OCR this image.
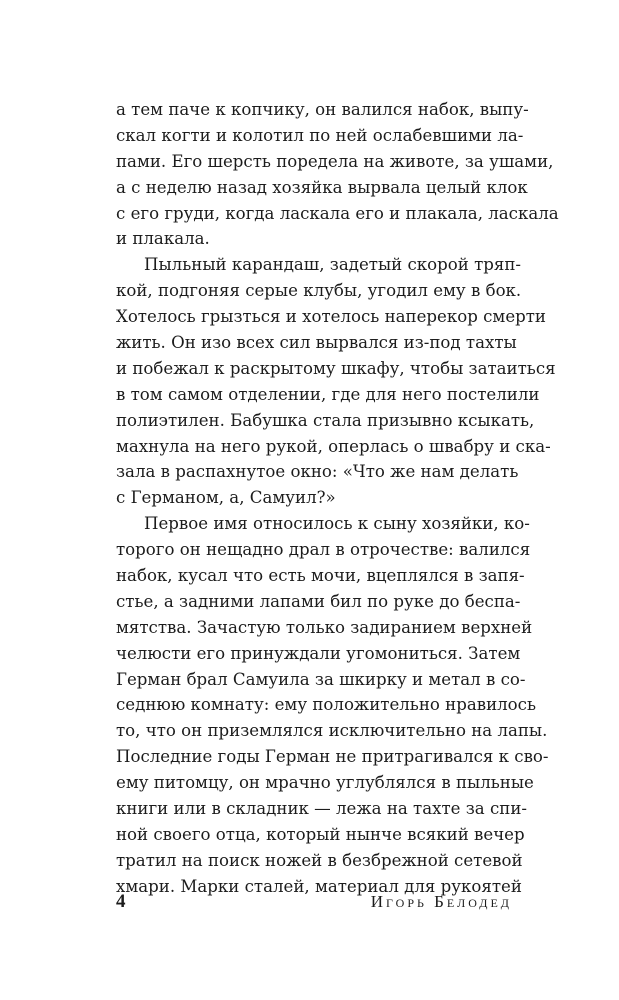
а тем паче к копчику, он валился набок, выпу-
скал когти и колотил по ней ослабевшими ла-
пами. Его шерсть поредела на животе, за ушами,
а с неделю назад хозяйка вырвала целый клок
с его груди, когда ласкала его и плакала, ласкала
и плакала.
Пыльный карандаш, задетый скорой тряп-
кой, подгоняя серые клубы, угодил ему в бок.
Хотелось грызться и хотелось наперекор смерти
жить. Он изо всех сил вырвался из-под тахты
и побежал к раскрытому шкафу, чтобы затаиться
в том самом отделении, где для него постелили
полиэтилен. Бабушка стала призывно ксыкать,
махнула на него рукой, оперлась о швабру и ска-
зала в распахнутое окно: «Что же нам делать
с Германом, а, Самуил?»
Первое имя относилось к сыну хозяйки, ко-
торого он нещадно драл в отрочестве: валился
набок, кусал что есть мочи, вцеплялся в запя-
стье, а задними лапами бил по руке до беспа-
мятства. Зачастую только задиранием верхней
челюсти его принуждали угомониться. Затем
Герман брал Самуила за шкирку и метал в со-
седнюю комнату: ему положительно нравилось
то, что он приземлялся исключительно на лапы.
Последние годы Герман не притрагивался к сво-
ему питомцу, он мрачно углублялся в пыльные
книги или в складник — лежа на тахте за спи-
ной своего отца, который нынче всякий вечер
тратил на поиск ножей в безбрежной сетевой
хмари. Марки сталей, материал для рукоятей
4	Игорь Белодед
